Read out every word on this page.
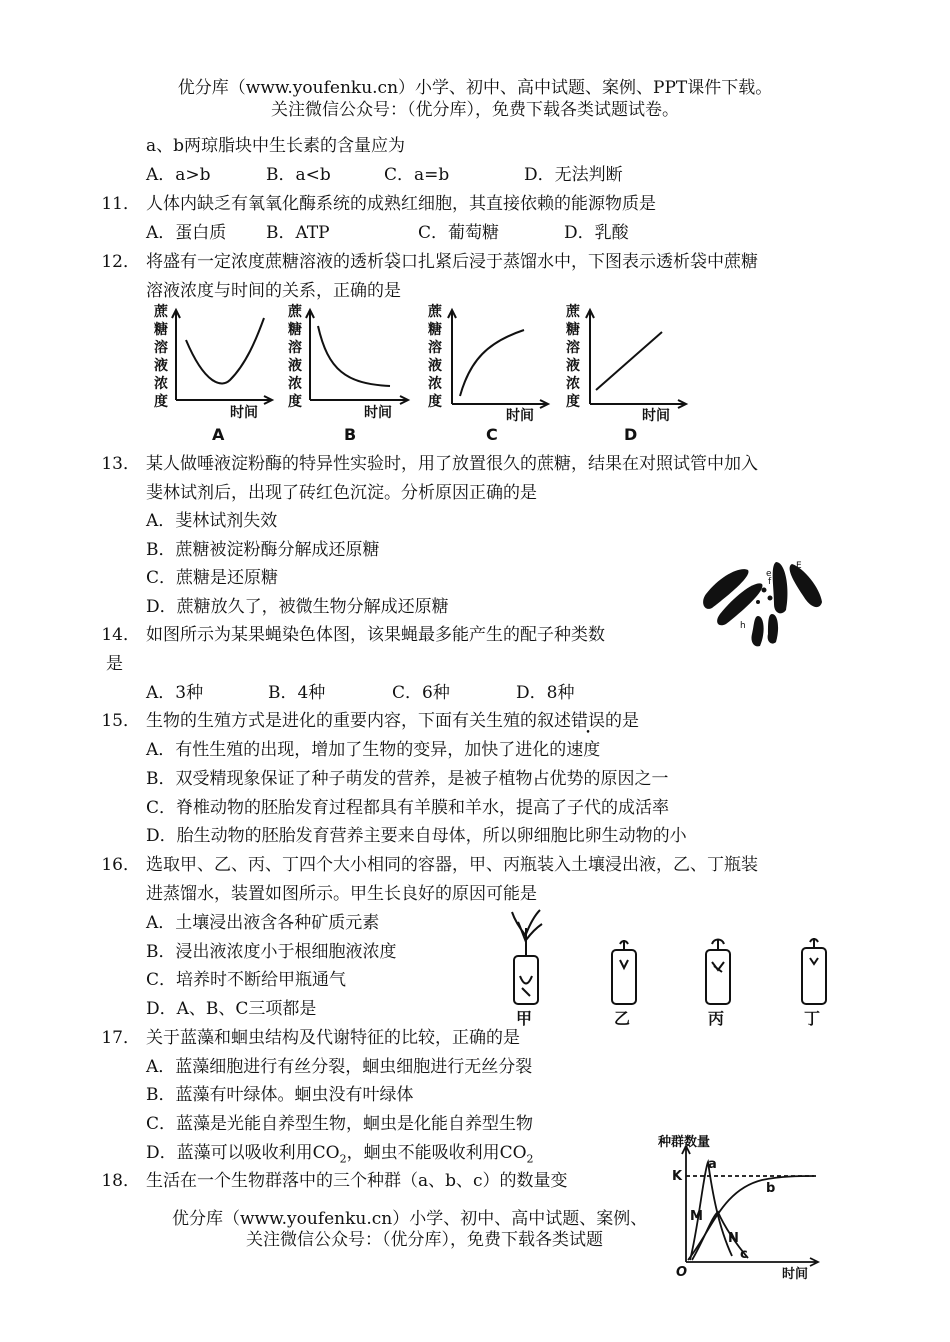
优分库（www.youfenku.cn）小学、初中、高中试题、案例、PPT课件下载。
关注微信公众号：（优分库），免费下载各类试题试卷。
a、b两琼脂块中生长素的含量应为
A．a>b	B．a<b	C．a=b	D．无法判断
11． 人体内缺乏有氧氧化酶系统的成熟红细胞，其直接依赖的能源物质是
A．蛋白质 B．ATP	C．葡萄糖	D．乳酸
12． 将盛有一定浓度蔗糖溶液的透析袋口扎紧后浸于蒸馏水中，下图表示透析袋中蔗糖
溶液浓度与时间的关系，正确的是
蔗
糖
溶
液
浓
度
时间
A
蔗
糖
溶
液
浓
度
时间
B
蔗
糖
溶
液
浓
度
时间
C
蔗
糖
溶
液
浓
度
时间
D
13． 某人做唾液淀粉酶的特异性实验时，用了放置很久的蔗糖，结果在对照试管中加入
斐林试剂后，出现了砖红色沉淀。分析原因正确的是
A．斐林试剂失效
B．蔗糖被淀粉酶分解成还原糖
C．蔗糖是还原糖
D．蔗糖放久了，被微生物分解成还原糖
e
E
f	F
h
14． 如图所示为某果蝇染色体图，该果蝇最多能产生的配子种类数
是
A．3种	B．4种	C．6种	D．8种
15． 生物的生殖方式是进化的重要内容，下面有关生殖的叙述错误的是
A．有性生殖的出现，增加了生物的变异，加快了进化的速度
B．双受精现象保证了种子萌发的营养，是被子植物占优势的原因之一
C．脊椎动物的胚胎发育过程都具有羊膜和羊水，提高了子代的成活率
D．胎生动物的胚胎发育营养主要来自母体，所以卵细胞比卵生动物的小
16． 选取甲、乙、丙、丁四个大小相同的容器，甲、丙瓶装入土壤浸出液，乙、丁瓶装
进蒸馏水，装置如图所示。甲生长良好的原因可能是
A．土壤浸出液含各种矿质元素
B．浸出液浓度小于根细胞液浓度
C．培养时不断给甲瓶通气
D．A、B、C三项都是	甲	乙	丙	丁
17． 关于蓝藻和蛔虫结构及代谢特征的比较，正确的是
A．蓝藻细胞进行有丝分裂，蛔虫细胞进行无丝分裂
B．蓝藻有叶绿体。蛔虫没有叶绿体
C．蓝藻是光能自养型生物，蛔虫是化能自养型生物
D．蓝藻可以吸收利用$CO_2$，蛔虫不能吸收利用$CO_2$
18． 生活在一个生物群落中的三个种群（a、b、c）的数量变
种群数量
K
a
b
M
N
c
O	时间
优分库（www.youfenku.cn）小学、初中、高中试题、案例、
关注微信公众号：（优分库），免费下载各类试题
